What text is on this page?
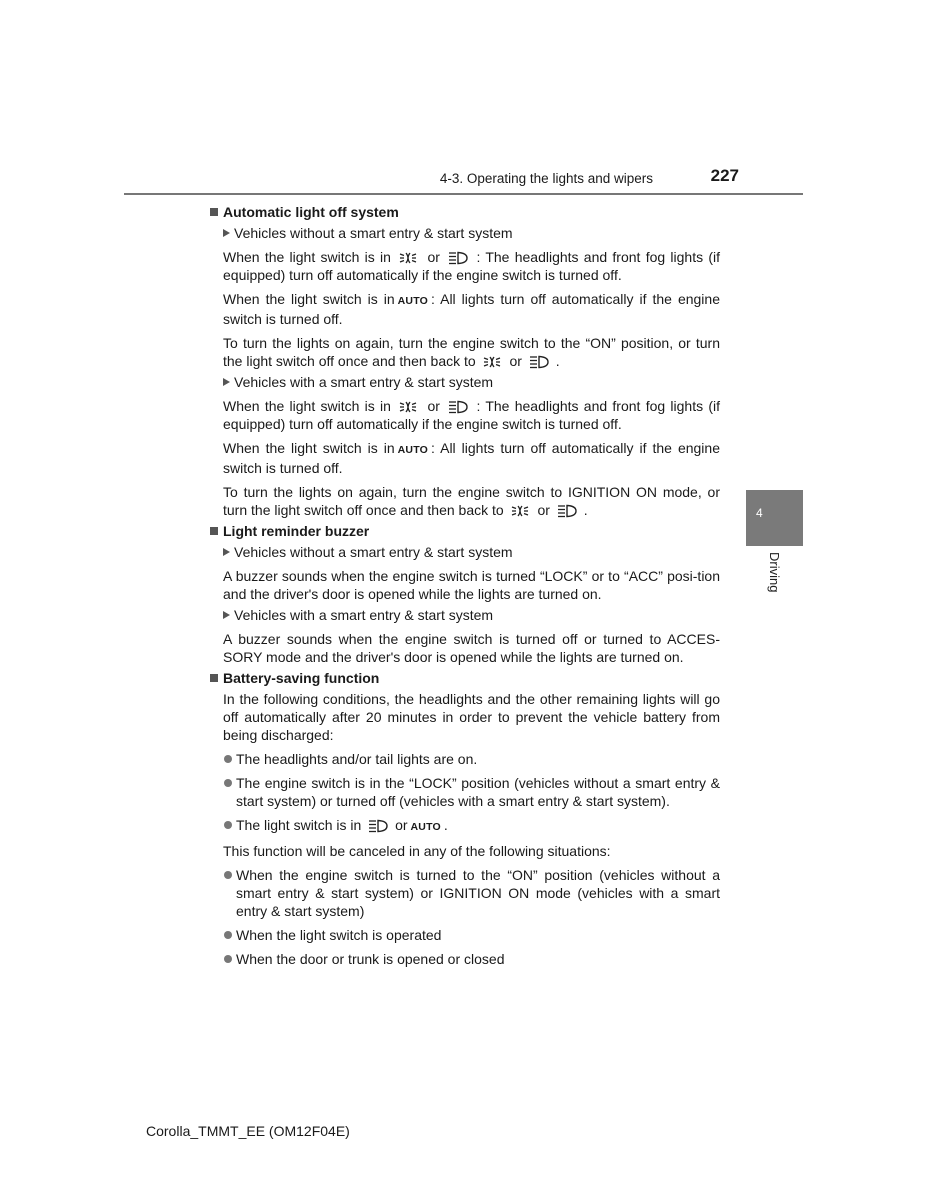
4-3. Operating the lights and wipers	227
4
Driving
Automatic light off system
Vehicles without a smart entry & start system
When the light switch is in	or	: The headlights and front fog lights (if equipped) turn off automatically if the engine switch is turned off.
When the light switch is in AUTO : All lights turn off automatically if the engine switch is turned off.
To turn the lights on again, turn the engine switch to the “ON” position, or turn the light switch off once and then back to or .
Vehicles with a smart entry & start system
When the light switch is in	or	: The headlights and front fog lights (if equipped) turn off automatically if the engine switch is turned off.
When the light switch is in AUTO : All lights turn off automatically if the engine switch is turned off.
To turn the lights on again, turn the engine switch to IGNITION ON mode, or turn the light switch off once and then back to or .
Light reminder buzzer
Vehicles without a smart entry & start system
A buzzer sounds when the engine switch is turned “LOCK” or to “ACC” posi-tion and the driver's door is opened while the lights are turned on.
Vehicles with a smart entry & start system
A buzzer sounds when the engine switch is turned off or turned to ACCES-SORY mode and the driver's door is opened while the lights are turned on.
Battery-saving function
In the following conditions, the headlights and the other remaining lights will go off automatically after 20 minutes in order to prevent the vehicle battery from being discharged:
The headlights and/or tail lights are on.
The engine switch is in the “LOCK” position (vehicles without a smart entry & start system) or turned off (vehicles with a smart entry & start system).
The light switch is in or AUTO .
This function will be canceled in any of the following situations:
When the engine switch is turned to the “ON” position (vehicles without a smart entry & start system) or IGNITION ON mode (vehicles with a smart entry & start system)
When the light switch is operated
When the door or trunk is opened or closed
Corolla_TMMT_EE (OM12F04E)
